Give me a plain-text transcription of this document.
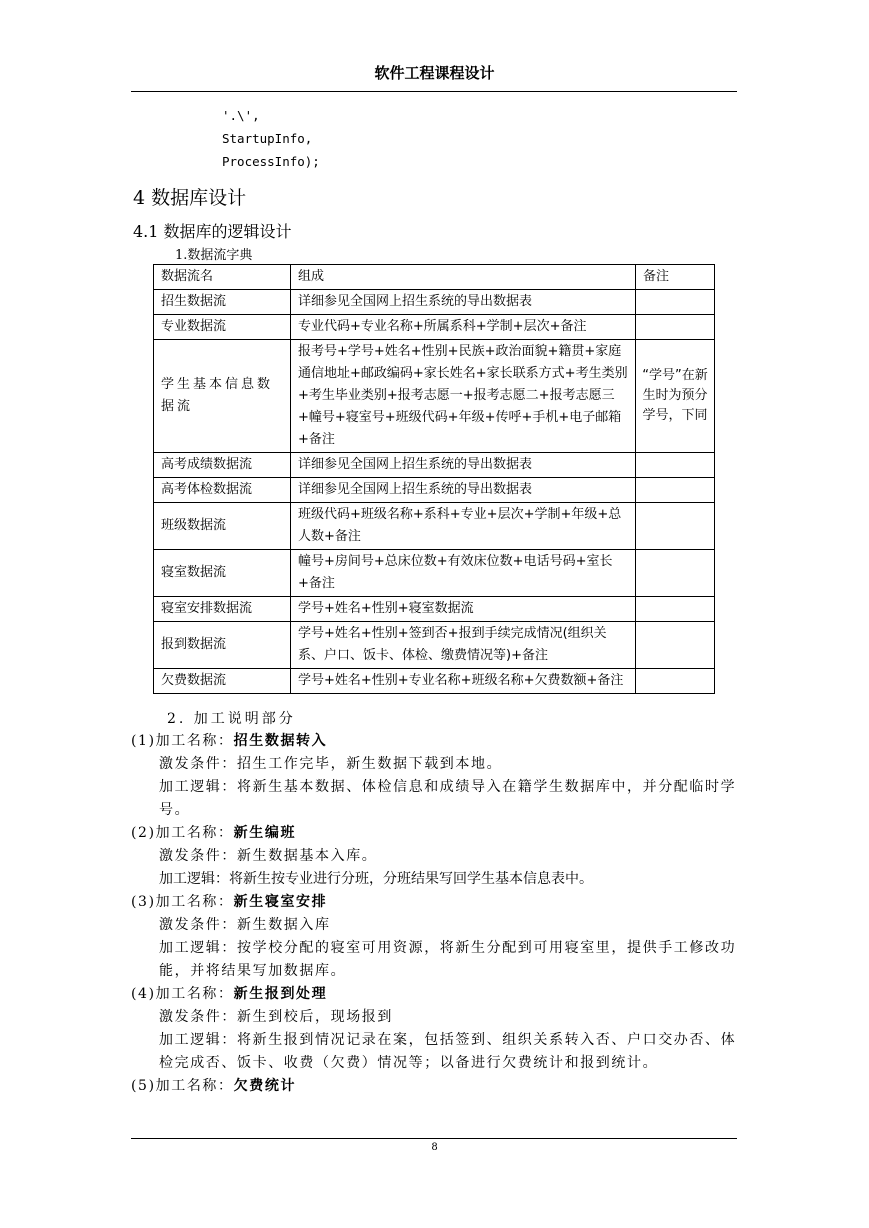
软件工程课程设计
'.\',
StartupInfo,
ProcessInfo);
4 数据库设计
4.1 数据库的逻辑设计
1.数据流字典
数据流名	组成	备注
招生数据流	详细参见全国网上招生系统的导出数据表	
专业数据流	专业代码+专业名称+所属系科+学制+层次+备注	
学生基本信息数据流	报考号+学号+姓名+性别+民族+政治面貌+籍贯+家庭通信地址+邮政编码+家长姓名+家长联系方式+考生类别+考生毕业类别+报考志愿一+报考志愿二+报考志愿三+幢号+寝室号+班级代码+年级+传呼+手机+电子邮箱+备注	“学号”在新生时为预分学号，下同
高考成绩数据流	详细参见全国网上招生系统的导出数据表	
高考体检数据流	详细参见全国网上招生系统的导出数据表	
班级数据流	班级代码+班级名称+系科+专业+层次+学制+年级+总人数+备注	
寝室数据流	幢号+房间号+总床位数+有效床位数+电话号码+室长+备注	
寝室安排数据流	学号+姓名+性别+寝室数据流	
报到数据流	学号+姓名+性别+签到否+报到手续完成情况(组织关系、户口、饭卡、体检、缴费情况等)+备注	
欠费数据流	学号+姓名+性别+专业名称+班级名称+欠费数额+备注	
2. 加工说明部分
(1)加工名称：招生数据转入
激发条件：招生工作完毕，新生数据下载到本地。
加工逻辑：将新生基本数据、体检信息和成绩导入在籍学生数据库中，并分配临时学号。
(2)加工名称：新生编班
激发条件：新生数据基本入库。
加工逻辑：将新生按专业进行分班，分班结果写回学生基本信息表中。
(3)加工名称：新生寝室安排
激发条件：新生数据入库
加工逻辑：按学校分配的寝室可用资源，将新生分配到可用寝室里，提供手工修改功能，并将结果写加数据库。
(4)加工名称：新生报到处理
激发条件：新生到校后，现场报到
加工逻辑：将新生报到情况记录在案，包括签到、组织关系转入否、户口交办否、体检完成否、饭卡、收费（欠费）情况等；以备进行欠费统计和报到统计。
(5)加工名称：欠费统计
8
